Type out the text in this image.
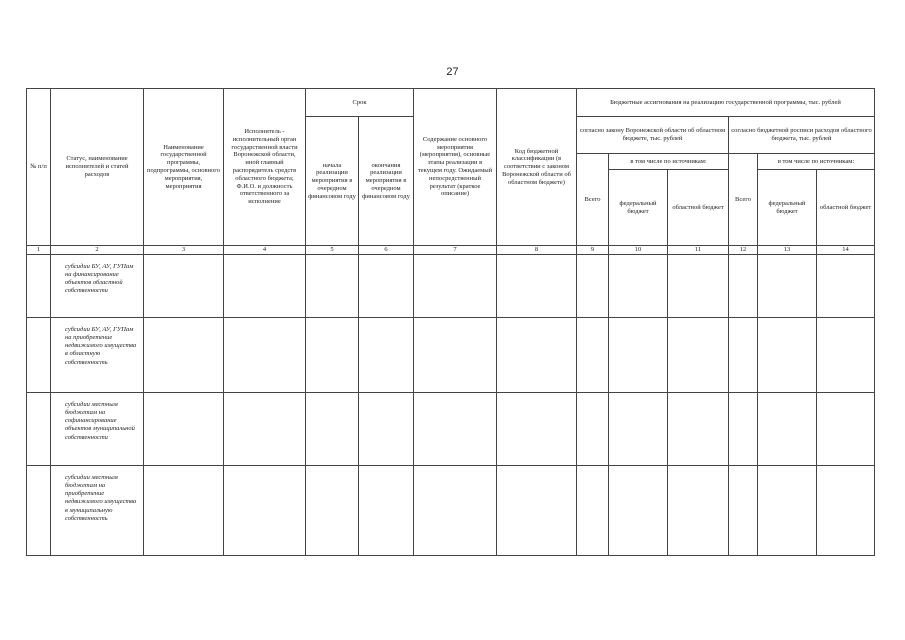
27
№ п/п	Статус, наименование исполнителей и статей расходов	Наименование государственной программы, подпрограммы, основного мероприятия, мероприятия	Исполнитель - исполнительный орган государственной власти Воронежской области, иной главный распорядитель средств областного бюджета; Ф.И.О. и должность ответственного за исполнение	Срок		Содержание основного мероприятия (мероприятия), основные этапы реализации в текущем году. Ожидаемый непосредственный результат (краткое описание)	Код бюджетной классификации (в соответствии с законом Воронежской области об областном бюджете)	Бюджетные ассигнования на реализацию государственной программы, тыс. рублей					
				начала реализации мероприятия в очередном финансовом году	окончания реализации мероприятия в очередном финансовом году			согласно закону Воронежской области об областном бюджете, тыс. рублей			согласно бюджетной росписи расходов областного бюджета, тыс. рублей		
								Всего	в том числе по источникам:		Всего	в том числе по источникам:	
									федеральный бюджет	областной бюджет		федеральный бюджет	областной бюджет
1	2	3	4	5	6	7	8	9	10	11	12	13	14
	субсидии БУ, АУ, ГУПам на финансирование объектов областной собственности												
	субсидии БУ, АУ, ГУПам на приобретение недвижимого имущества в областную собственность												
	субсидии местным бюджетам на софинансирование объектов муниципальной собственности												
	субсидии местным бюджетам на приобретение недвижимого имущества в муниципальную собственность												
